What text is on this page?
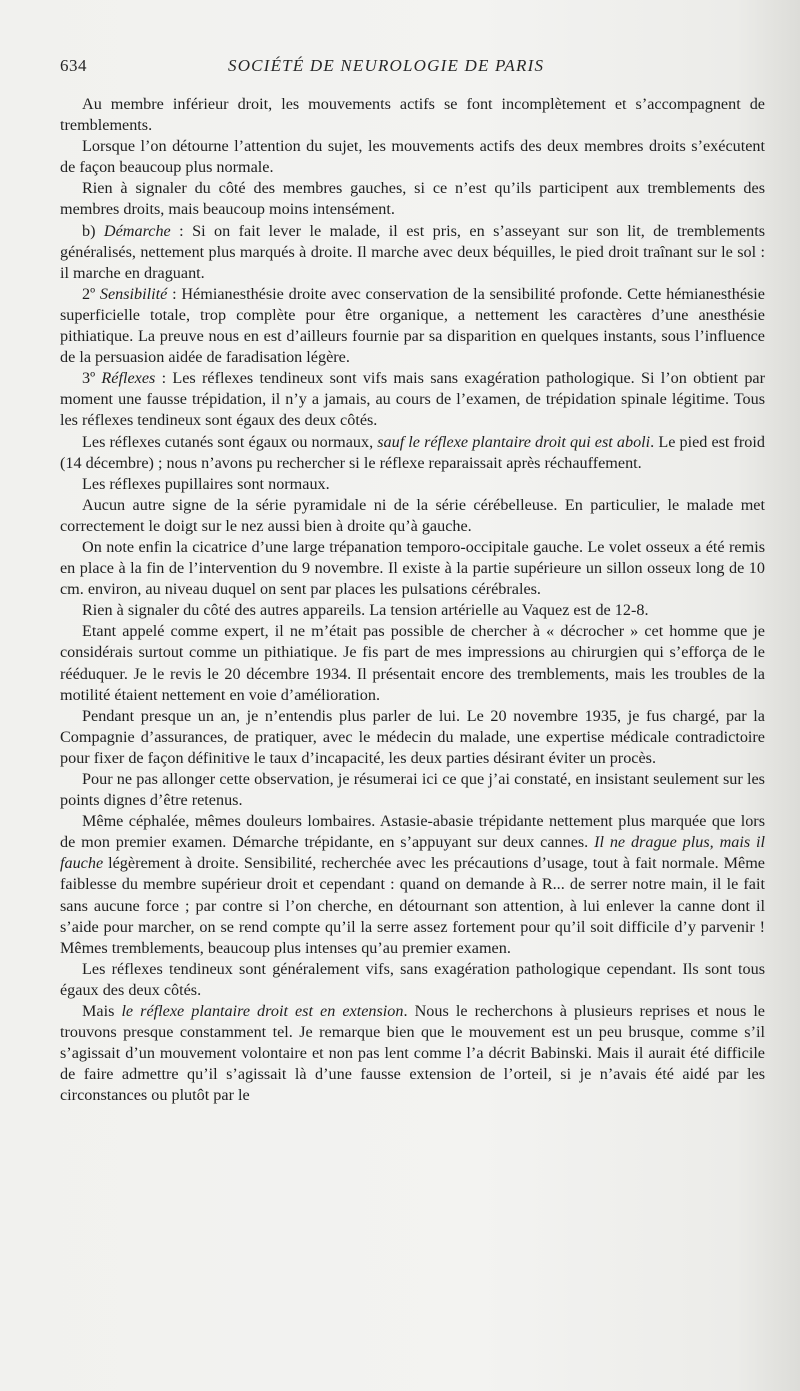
634	SOCIÉTÉ DE NEUROLOGIE DE PARIS

Au membre inférieur droit, les mouvements actifs se font incomplètement et s’accompagnent de tremblements.

Lorsque l’on détourne l’attention du sujet, les mouvements actifs des deux membres droits s’exécutent de façon beaucoup plus normale.

Rien à signaler du côté des membres gauches, si ce n’est qu’ils participent aux tremblements des membres droits, mais beaucoup moins intensément.

b) Démarche : Si on fait lever le malade, il est pris, en s’asseyant sur son lit, de tremblements généralisés, nettement plus marqués à droite. Il marche avec deux béquilles, le pied droit traînant sur le sol : il marche en draguant.

2º Sensibilité : Hémianesthésie droite avec conservation de la sensibilité profonde. Cette hémianesthésie superficielle totale, trop complète pour être organique, a nettement les caractères d’une anesthésie pithiatique. La preuve nous en est d’ailleurs fournie par sa disparition en quelques instants, sous l’influence de la persuasion aidée de faradisation légère.

3º Réflexes : Les réflexes tendineux sont vifs mais sans exagération pathologique. Si l’on obtient par moment une fausse trépidation, il n’y a jamais, au cours de l’examen, de trépidation spinale légitime. Tous les réflexes tendineux sont égaux des deux côtés.

Les réflexes cutanés sont égaux ou normaux, sauf le réflexe plantaire droit qui est aboli. Le pied est froid (14 décembre) ; nous n’avons pu rechercher si le réflexe reparaissait après réchauffement.

Les réflexes pupillaires sont normaux.

Aucun autre signe de la série pyramidale ni de la série cérébelleuse. En particulier, le malade met correctement le doigt sur le nez aussi bien à droite qu’à gauche.

On note enfin la cicatrice d’une large trépanation temporo-occipitale gauche. Le volet osseux a été remis en place à la fin de l’intervention du 9 novembre. Il existe à la partie supérieure un sillon osseux long de 10 cm. environ, au niveau duquel on sent par places les pulsations cérébrales.

Rien à signaler du côté des autres appareils. La tension artérielle au Vaquez est de 12-8.

Etant appelé comme expert, il ne m’était pas possible de chercher à « décrocher » cet homme que je considérais surtout comme un pithiatique. Je fis part de mes impressions au chirurgien qui s’efforça de le rééduquer. Je le revis le 20 décembre 1934. Il présentait encore des tremblements, mais les troubles de la motilité étaient nettement en voie d’amélioration.

Pendant presque un an, je n’entendis plus parler de lui. Le 20 novembre 1935, je fus chargé, par la Compagnie d’assurances, de pratiquer, avec le médecin du malade, une expertise médicale contradictoire pour fixer de façon définitive le taux d’incapacité, les deux parties désirant éviter un procès.

Pour ne pas allonger cette observation, je résumerai ici ce que j’ai constaté, en insistant seulement sur les points dignes d’être retenus.

Même céphalée, mêmes douleurs lombaires. Astasie-abasie trépidante nettement plus marquée que lors de mon premier examen. Démarche trépidante, en s’appuyant sur deux cannes. Il ne drague plus, mais il fauche légèrement à droite. Sensibilité, recherchée avec les précautions d’usage, tout à fait normale. Même faiblesse du membre supérieur droit et cependant : quand on demande à R... de serrer notre main, il le fait sans aucune force ; par contre si l’on cherche, en détournant son attention, à lui enlever la canne dont il s’aide pour marcher, on se rend compte qu’il la serre assez fortement pour qu’il soit difficile d’y parvenir ! Mêmes tremblements, beaucoup plus intenses qu’au premier examen.

Les réflexes tendineux sont généralement vifs, sans exagération pathologique cependant. Ils sont tous égaux des deux côtés.

Mais le réflexe plantaire droit est en extension. Nous le recherchons à plusieurs reprises et nous le trouvons presque constamment tel. Je remarque bien que le mouvement est un peu brusque, comme s’il s’agissait d’un mouvement volontaire et non pas lent comme l’a décrit Babinski. Mais il aurait été difficile de faire admettre qu’il s’agissait là d’une fausse extension de l’orteil, si je n’avais été aidé par les circonstances ou plutôt par le
